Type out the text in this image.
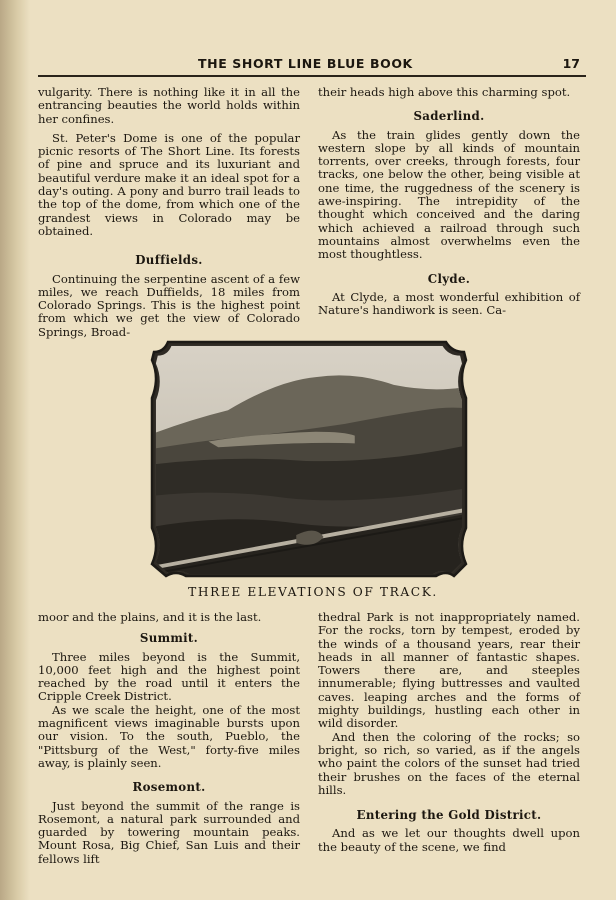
THE SHORT LINE BLUE BOOK	17

vulgarity. There is nothing like it in all the entrancing beauties the world holds within her confines.

St. Peter's Dome is one of the popular picnic resorts of The Short Line. Its forests of pine and spruce and its luxuriant and beautiful verdure make it an ideal spot for a day's outing. A pony and burro trail leads to the top of the dome, from which one of the grandest views in Colorado may be obtained.

Duffields.

Continuing the serpentine ascent of a few miles, we reach Duffields, 18 miles from Colorado Springs. This is the highest point from which we get the view of Colorado Springs, Broad-

their heads high above this charming spot.

Saderlind.

As the train glides gently down the western slope by all kinds of mountain torrents, over creeks, through forests, four tracks, one below the other, being visible at one time, the ruggedness of the scenery is awe-inspiring. The intrepidity of the thought which conceived and the daring which achieved a railroad through such mountains almost overwhelms even the most thoughtless.

Clyde.

At Clyde, a most wonderful exhibition of Nature's handiwork is seen. Ca-

THREE ELEVATIONS OF TRACK.

moor and the plains, and it is the last.

Summit.

Three miles beyond is the Summit, 10,000 feet high and the highest point reached by the road until it enters the Cripple Creek District.

As we scale the height, one of the most magnificent views imaginable bursts upon our vision. To the south, Pueblo, the "Pittsburg of the West," forty-five miles away, is plainly seen.

Rosemont.

Just beyond the summit of the range is Rosemont, a natural park surrounded and guarded by towering mountain peaks. Mount Rosa, Big Chief, San Luis and their fellows lift

thedral Park is not inappropriately named. For the rocks, torn by tempest, eroded by the winds of a thousand years, rear their heads in all manner of fantastic shapes. Towers there are, and steeples innumerable; flying buttresses and vaulted caves. leaping arches and the forms of mighty buildings, hustling each other in wild disorder.

And then the coloring of the rocks; so bright, so rich, so varied, as if the angels who paint the colors of the sunset had tried their brushes on the faces of the eternal hills.

Entering the Gold District.

And as we let our thoughts dwell upon the beauty of the scene, we find
